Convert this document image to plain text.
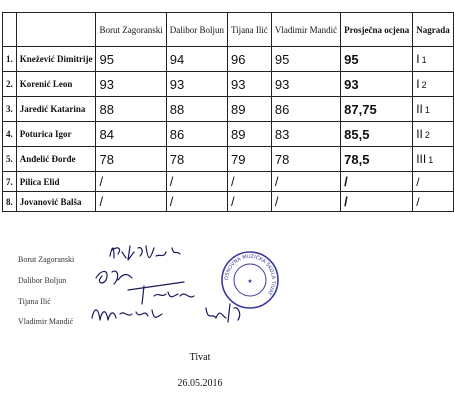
		Borut Zagoranski	Dalibor Boljun	Tijana Ilić	Vladimir Mandić	Prosječna ocjena	Nagrada
1.	Knežević Dimitrije	95	94	96	95	95	I 1
2.	Korenić Leon	93	93	93	93	93	I 2
3.	Jaredić Katarina	88	88	89	86	87,75	II 1
4.	Poturica Igor	84	86	89	83	85,5	II 2
5.	Anđelić Đorđe	78	78	79	78	78,5	III 1
7.	Pilica Elid	/	/	/	/	/	/
8.	Jovanović Balša	/	/	/	/	/	/
Borut Zagoranski
Dalibor Boljun
Tijana Ilić
Vladimir Mandić
OSNOVNA MUZIČKA ŠKOLA TIVAT
★
Tivat
26.05.2016
